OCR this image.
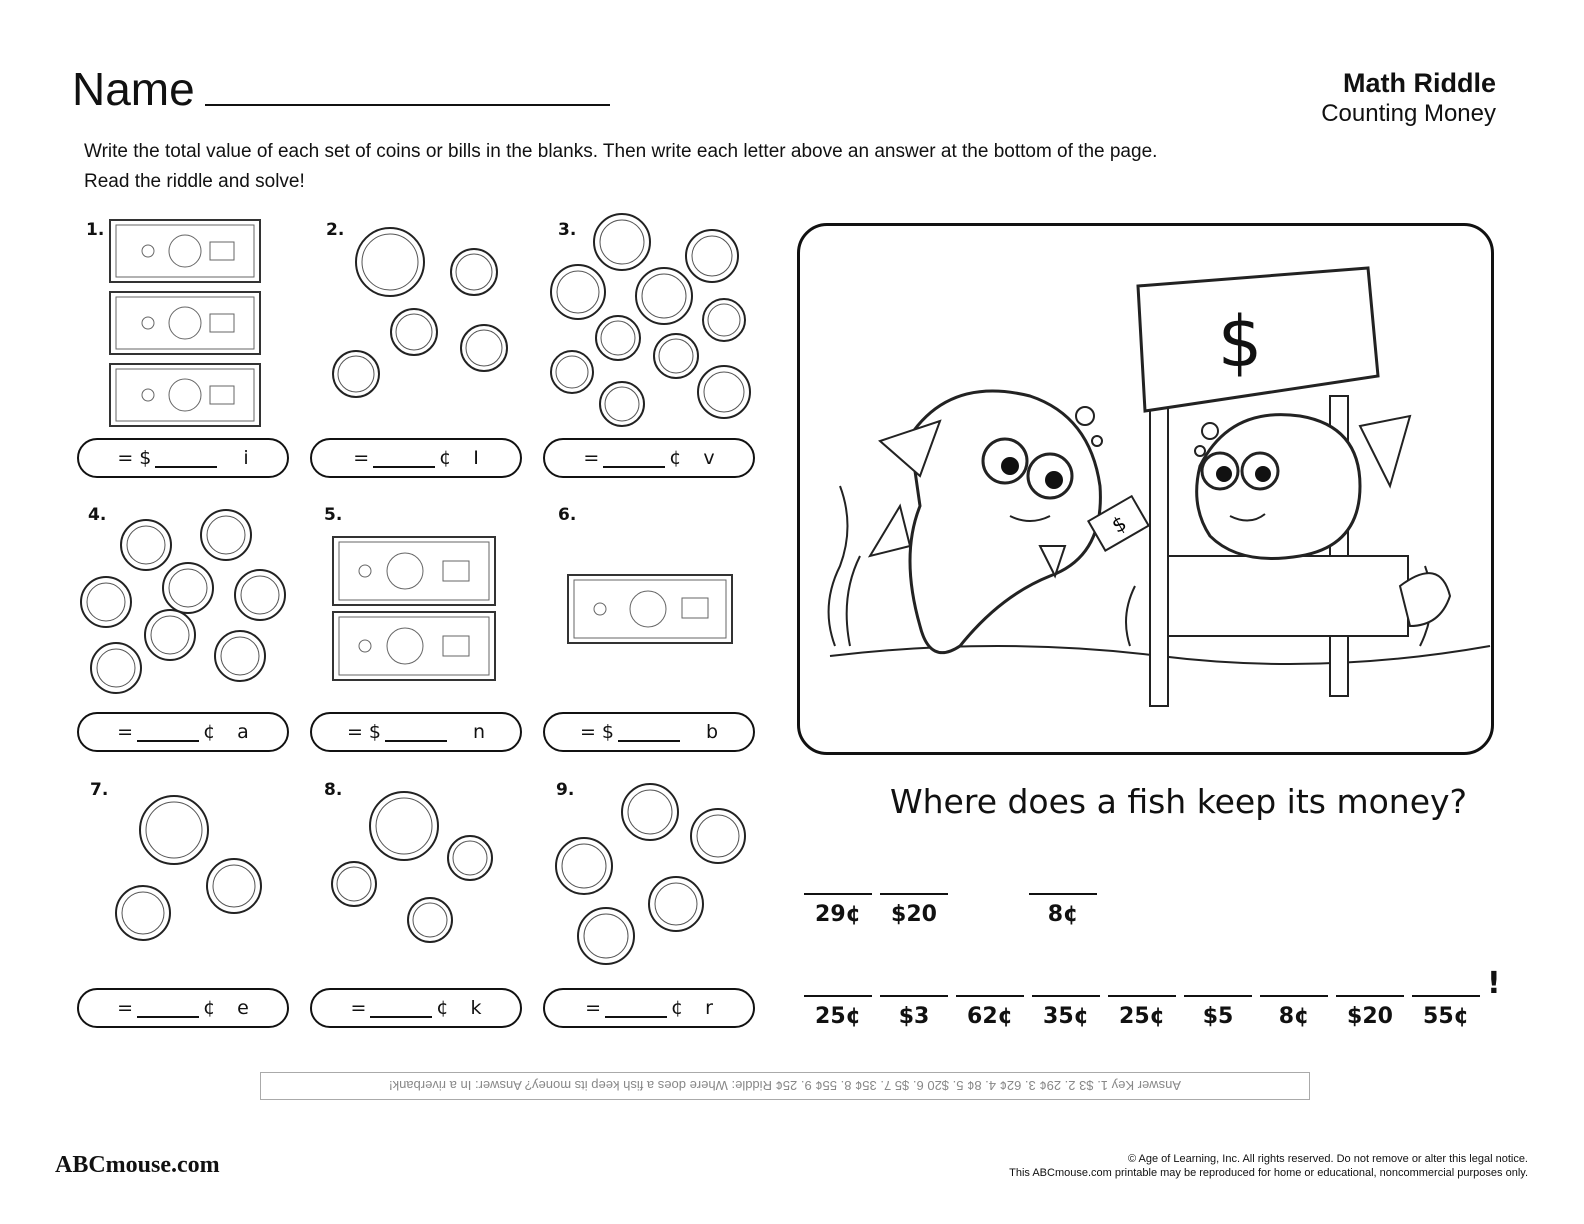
Name	Math Riddle
Counting Money
Write the total value of each set of coins or bills in the blanks. Then write each letter above an answer at the bottom of the page.
Read the riddle and solve!
1.	2.	3.
4.	5.	6.
7.	8.	9.
= $	i	=	¢ I	=	¢ v
=	¢ a	= $	n	= $	b
=	¢ e	=	¢ k	=	¢ r
$
$
Where does a fish keep its money?
29¢	$20	8¢
25¢	$3	62¢	35¢	25¢	$5	8¢	$20	55¢
!
Answer Key 1. $3 2. 29¢ 3. 62¢ 4. 8¢ 5. $20 6. $5 7. 35¢ 8. 55¢ 9. 25¢ Riddle: Where does a fish keep its money? Answer: In a riverbank!
ABCmouse.com	© Age of Learning, Inc. All rights reserved. Do not remove or alter this legal notice.
This ABCmouse.com printable may be reproduced for home or educational, noncommercial purposes only.
